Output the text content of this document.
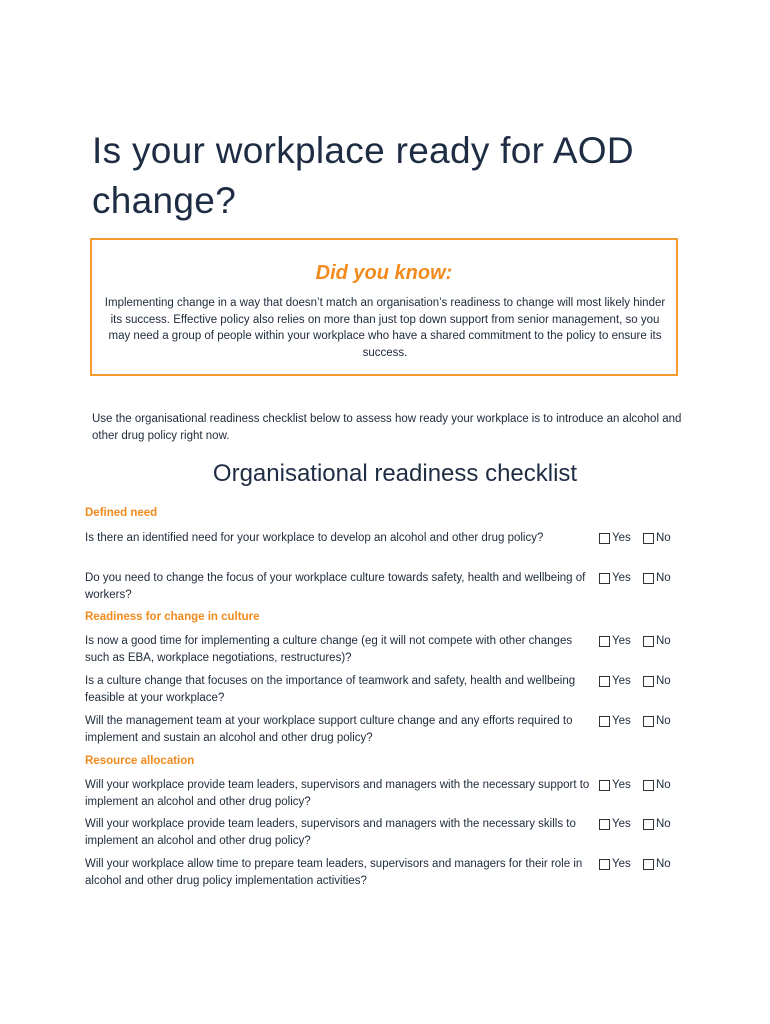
Is your workplace ready for AOD change?
Did you know:
Implementing change in a way that doesn’t match an organisation’s readiness to change will most likely hinder its success. Effective policy also relies on more than just top down support from senior management, so you may need a group of people within your workplace who have a shared commitment to the policy to ensure its success.
Use the organisational readiness checklist below to assess how ready your workplace is to introduce an alcohol and other drug policy right now.
Organisational readiness checklist
Defined need
Is there an identified need for your workplace to develop an alcohol and other drug policy?	Yes No
Do you need to change the focus of your workplace culture towards safety, health and wellbeing of workers?
Yes No
Readiness for change in culture
Is now a good time for implementing a culture change (eg it will not compete with other changes such as EBA, workplace negotiations, restructures)?
Yes No
Is a culture change that focuses on the importance of teamwork and safety, health and wellbeing feasible at your workplace?
Yes No
Will the management team at your workplace support culture change and any efforts required to implement and sustain an alcohol and other drug policy?
Yes No
Resource allocation
Will your workplace provide team leaders, supervisors and managers with the necessary support to implement an alcohol and other drug policy?
Yes No
Will your workplace provide team leaders, supervisors and managers with the necessary skills to implement an alcohol and other drug policy?
Yes No
Will your workplace allow time to prepare team leaders, supervisors and managers for their role in alcohol and other drug policy implementation activities?
Yes No
